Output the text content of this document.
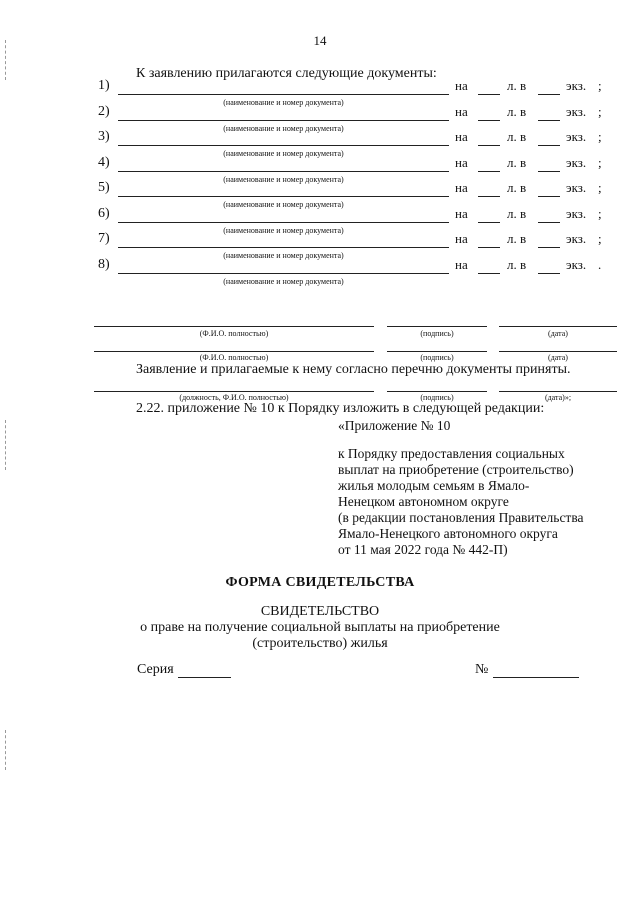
14
К заявлению прилагаются следующие документы:
1)	на	л. в	экз. ;
(наименование и номер документа)
2)	на	л. в	экз. ;
(наименование и номер документа)
3)	на	л. в	экз. ;
(наименование и номер документа)
4)	на	л. в	экз. ;
(наименование и номер документа)
5)	на	л. в	экз. ;
(наименование и номер документа)
6)	на	л. в	экз. ;
(наименование и номер документа)
7)	на	л. в	экз. ;
(наименование и номер документа)
8)	на	л. в	экз. .
(наименование и номер документа)
(Ф.И.О. полностью)	(подпись)	(дата)
(Ф.И.О. полностью)	(подпись)	(дата)
Заявление и прилагаемые к нему согласно перечню документы приняты.
(должность, Ф.И.О. полностью)	(подпись)	(дата)»;
2.22. приложение № 10 к Порядку изложить в следующей редакции:
«Приложение № 10
к Порядку предоставления социальных
выплат на приобретение (строительство)
жилья молодым семьям в Ямало-
Ненецком автономном округе
(в редакции постановления Правительства
Ямало-Ненецкого автономного округа
от 11 мая 2022 года № 442-П)
ФОРМА СВИДЕТЕЛЬСТВА
СВИДЕТЕЛЬСТВО
о праве на получение социальной выплаты на приобретение
(строительство) жилья
Серия	№
